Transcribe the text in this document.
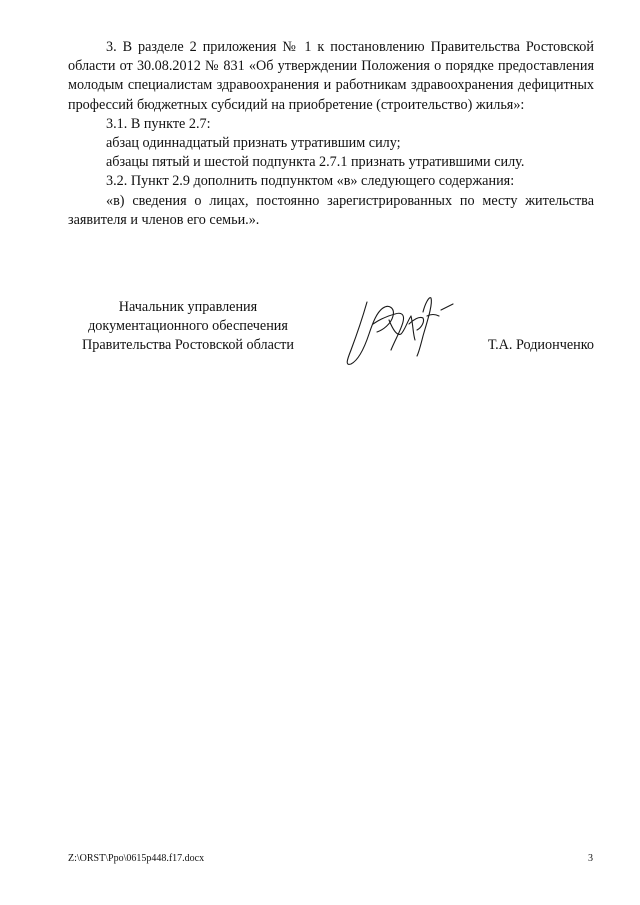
3. В разделе 2 приложения № 1 к постановлению Правительства Ростовской области от 30.08.2012 № 831 «Об утверждении Положения о порядке предоставления молодым специалистам здравоохранения и работникам здравоохранения дефицитных профессий бюджетных субсидий на приобретение (строительство) жилья»:

3.1. В пункте 2.7:

абзац одиннадцатый признать утратившим силу;

абзацы пятый и шестой подпункта 2.7.1 признать утратившими силу.

3.2. Пункт 2.9 дополнить подпунктом «в» следующего содержания:

«в) сведения о лицах, постоянно зарегистрированных по месту жительства заявителя и членов его семьи.».

Начальник управления
документационного обеспечения
Правительства Ростовской области	Т.А. Родионченко
Z:\ORST\Ppo\0615p448.f17.docx	3
